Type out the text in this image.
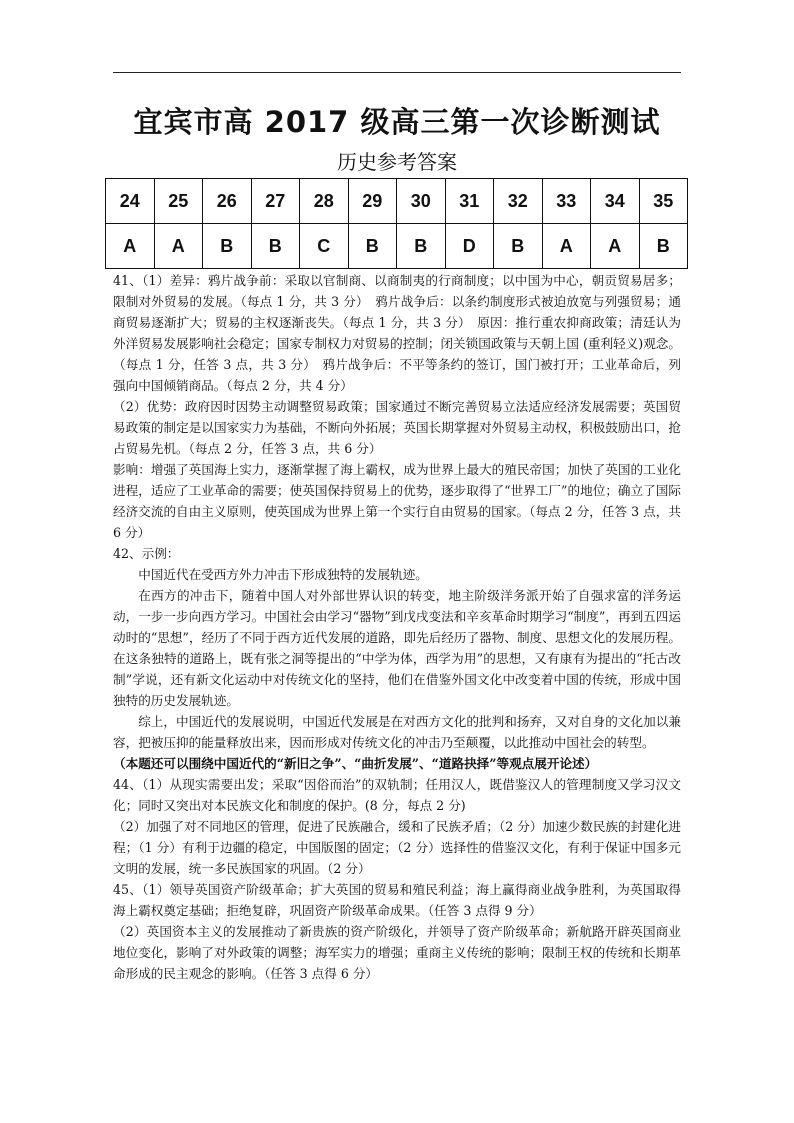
宜宾市高 2017 级高三第一次诊断测试
历史参考答案
24	25	26	27	28	29	30	31	32	33	34	35
A	A	B	B	C	B	B	D	B	A	A	B

41、（1）差异：鸦片战争前：采取以官制商、以商制夷的行商制度；以中国为中心，朝贡贸易居多；限制对外贸易的发展。（每点 1 分，共 3 分）　鸦片战争后：以条约制度形式被迫放宽与列强贸易；通商贸易逐渐扩大；贸易的主权逐渐丧失。（每点 1 分，共 3 分）　原因：推行重农抑商政策；清廷认为外洋贸易发展影响社会稳定；国家专制权力对贸易的控制；闭关锁国政策与天朝上国 (重利轻义)观念。（每点 1 分，任答 3 点，共 3 分）　鸦片战争后：不平等条约的签订，国门被打开；工业革命后，列强向中国倾销商品。（每点 2 分，共 4 分）

（2）优势：政府因时因势主动调整贸易政策；国家通过不断完善贸易立法适应经济发展需要；英国贸易政策的制定是以国家实力为基础，不断向外拓展；英国长期掌握对外贸易主动权，积极鼓励出口，抢占贸易先机。（每点 2 分，任答 3 点，共 6 分）

影响：增强了英国海上实力，逐渐掌握了海上霸权，成为世界上最大的殖民帝国；加快了英国的工业化进程，适应了工业革命的需要；使英国保持贸易上的优势，逐步取得了“世界工厂”的地位；确立了国际经济交流的自由主义原则，使英国成为世界上第一个实行自由贸易的国家。（每点 2 分，任答 3 点，共 6 分）

42、示例：

中国近代在受西方外力冲击下形成独特的发展轨迹。

在西方的冲击下，随着中国人对外部世界认识的转变，地主阶级洋务派开始了自强求富的洋务运动，一步一步向西方学习。中国社会由学习“器物”到戊戌变法和辛亥革命时期学习“制度”，再到五四运动时的“思想”，经历了不同于西方近代发展的道路，即先后经历了器物、制度、思想文化的发展历程。在这条独特的道路上，既有张之洞等提出的“中学为体，西学为用”的思想，又有康有为提出的“托古改制”学说，还有新文化运动中对传统文化的坚持，他们在借鉴外国文化中改变着中国的传统，形成中国独特的历史发展轨迹。

综上，中国近代的发展说明，中国近代发展是在对西方文化的批判和扬弃，又对自身的文化加以兼容，把被压抑的能量释放出来，因而形成对传统文化的冲击乃至颠覆，以此推动中国社会的转型。

（本题还可以围绕中国近代的“新旧之争”、“曲折发展”、“道路抉择”等观点展开论述）

44、（1）从现实需要出发；采取“因俗而治”的双轨制；任用汉人，既借鉴汉人的管理制度又学习汉文化；同时又突出对本民族文化和制度的保护。(8 分，每点 2 分)

（2）加强了对不同地区的管理，促进了民族融合，缓和了民族矛盾；（2 分）加速少数民族的封建化进程；（1 分）有利于边疆的稳定，中国版图的固定；（2 分）选择性的借鉴汉文化，有利于保证中国多元文明的发展，统一多民族国家的巩固。（2 分）

45、（1）领导英国资产阶级革命；扩大英国的贸易和殖民利益；海上赢得商业战争胜利，为英国取得海上霸权奠定基础；拒绝复辟，巩固资产阶级革命成果。（任答 3 点得 9 分）

（2）英国资本主义的发展推动了新贵族的资产阶级化，并领导了资产阶级革命；新航路开辟英国商业地位变化，影响了对外政策的调整；海军实力的增强；重商主义传统的影响；限制王权的传统和长期革命形成的民主观念的影响。（任答 3 点得 6 分）
